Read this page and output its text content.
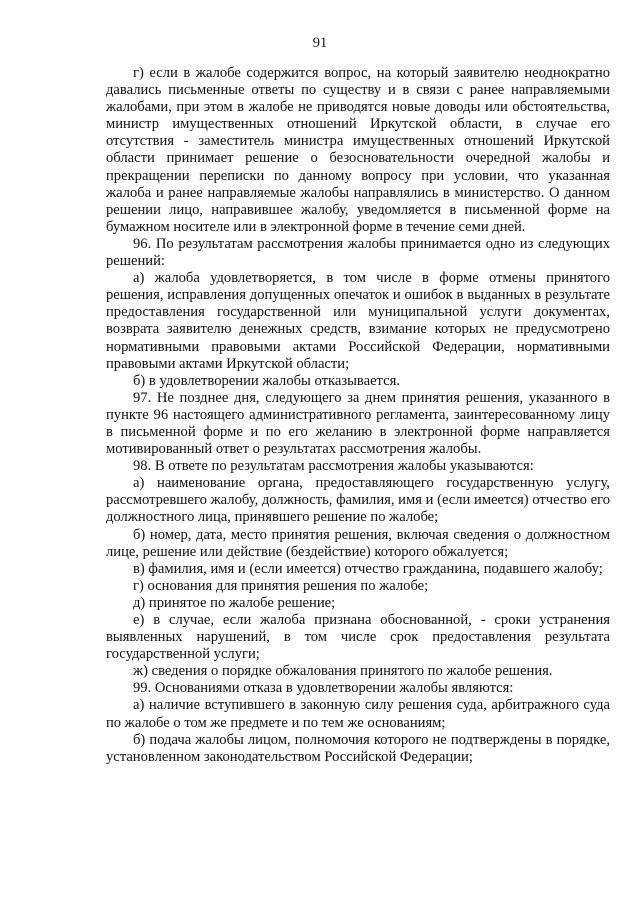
91

г) если в жалобе содержится вопрос, на который заявителю неоднократно давались письменные ответы по существу и в связи с ранее направляемыми жалобами, при этом в жалобе не приводятся новые доводы или обстоятельства, министр имущественных отношений Иркутской области, в случае его отсутствия - заместитель министра имущественных отношений Иркутской области принимает решение о безосновательности очередной жалобы и прекращении переписки по данному вопросу при условии, что указанная жалоба и ранее направляемые жалобы направлялись в министерство. О данном решении лицо, направившее жалобу, уведомляется в письменной форме на бумажном носителе или в электронной форме в течение семи дней.

96. По результатам рассмотрения жалобы принимается одно из следующих решений:

а) жалоба удовлетворяется, в том числе в форме отмены принятого решения, исправления допущенных опечаток и ошибок в выданных в результате предоставления государственной или муниципальной услуги документах, возврата заявителю денежных средств, взимание которых не предусмотрено нормативными правовыми актами Российской Федерации, нормативными правовыми актами Иркутской области;

б) в удовлетворении жалобы отказывается.

97. Не позднее дня, следующего за днем принятия решения, указанного в пункте 96 настоящего административного регламента, заинтересованному лицу в письменной форме и по его желанию в электронной форме направляется мотивированный ответ о результатах рассмотрения жалобы.

98. В ответе по результатам рассмотрения жалобы указываются:

а) наименование органа, предоставляющего государственную услугу, рассмотревшего жалобу, должность, фамилия, имя и (если имеется) отчество его должностного лица, принявшего решение по жалобе;

б) номер, дата, место принятия решения, включая сведения о должностном лице, решение или действие (бездействие) которого обжалуется;

в) фамилия, имя и (если имеется) отчество гражданина, подавшего жалобу;

г) основания для принятия решения по жалобе;

д) принятое по жалобе решение;

е) в случае, если жалоба признана обоснованной, - сроки устранения выявленных нарушений, в том числе срок предоставления результата государственной услуги;

ж) сведения о порядке обжалования принятого по жалобе решения.

99. Основаниями отказа в удовлетворении жалобы являются:

а) наличие вступившего в законную силу решения суда, арбитражного суда по жалобе о том же предмете и по тем же основаниям;

б) подача жалобы лицом, полномочия которого не подтверждены в порядке, установленном законодательством Российской Федерации;
